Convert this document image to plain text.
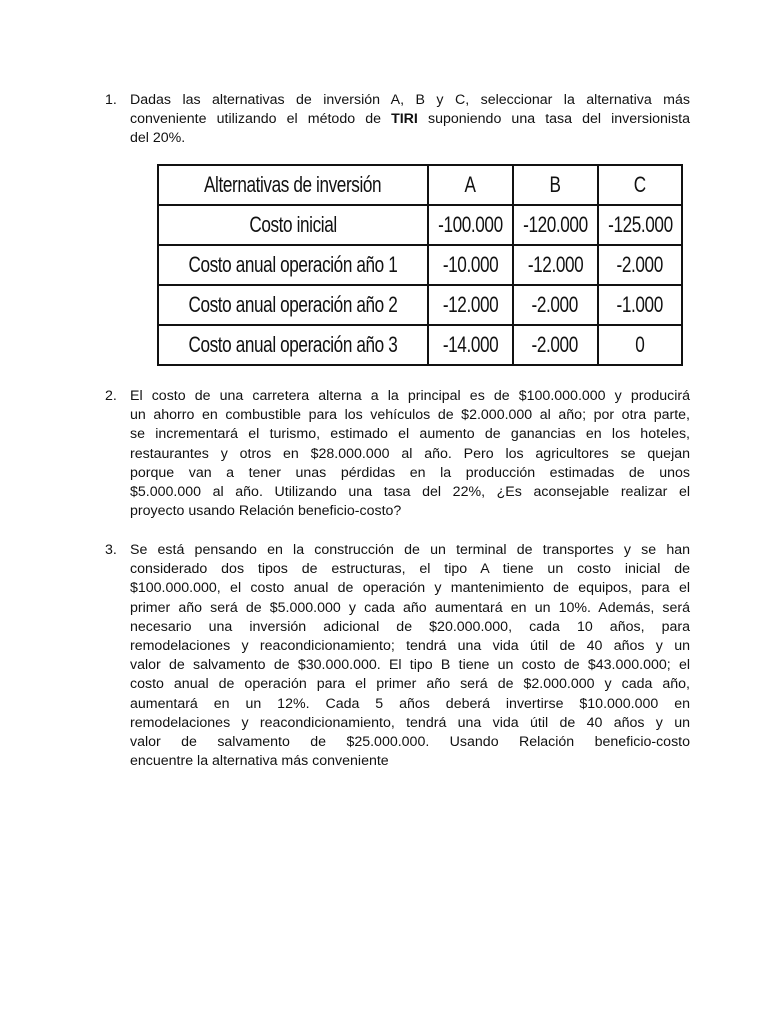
1. Dadas las alternativas de inversión A, B y C, seleccionar la alternativa más
conveniente utilizando el método de TIRI suponiendo una tasa del inversionista
del 20%.
Alternativas de inversión	A	B	C
Costo inicial	-100.000	-120.000	-125.000
Costo anual operación año 1	-10.000	-12.000	-2.000
Costo anual operación año 2	-12.000	-2.000	-1.000
Costo anual operación año 3	-14.000	-2.000	0
2. El costo de una carretera alterna a la principal es de $100.000.000 y producirá
un ahorro en combustible para los vehículos de $2.000.000 al año; por otra parte,
se incrementará el turismo, estimado el aumento de ganancias en los hoteles,
restaurantes y otros en $28.000.000 al año. Pero los agricultores se quejan
porque van a tener unas pérdidas en la producción estimadas de unos
$5.000.000 al año. Utilizando una tasa del 22%, ¿Es aconsejable realizar el
proyecto usando Relación beneficio-costo?
3. Se está pensando en la construcción de un terminal de transportes y se han
considerado dos tipos de estructuras, el tipo A tiene un costo inicial de
$100.000.000, el costo anual de operación y mantenimiento de equipos, para el
primer año será de $5.000.000 y cada año aumentará en un 10%. Además, será
necesario una inversión adicional de $20.000.000, cada 10 años, para
remodelaciones y reacondicionamiento; tendrá una vida útil de 40 años y un
valor de salvamento de $30.000.000. El tipo B tiene un costo de $43.000.000; el
costo anual de operación para el primer año será de $2.000.000 y cada año,
aumentará en un 12%. Cada 5 años deberá invertirse $10.000.000 en
remodelaciones y reacondicionamiento, tendrá una vida útil de 40 años y un
valor de salvamento de $25.000.000. Usando Relación beneficio-costo
encuentre la alternativa más conveniente
